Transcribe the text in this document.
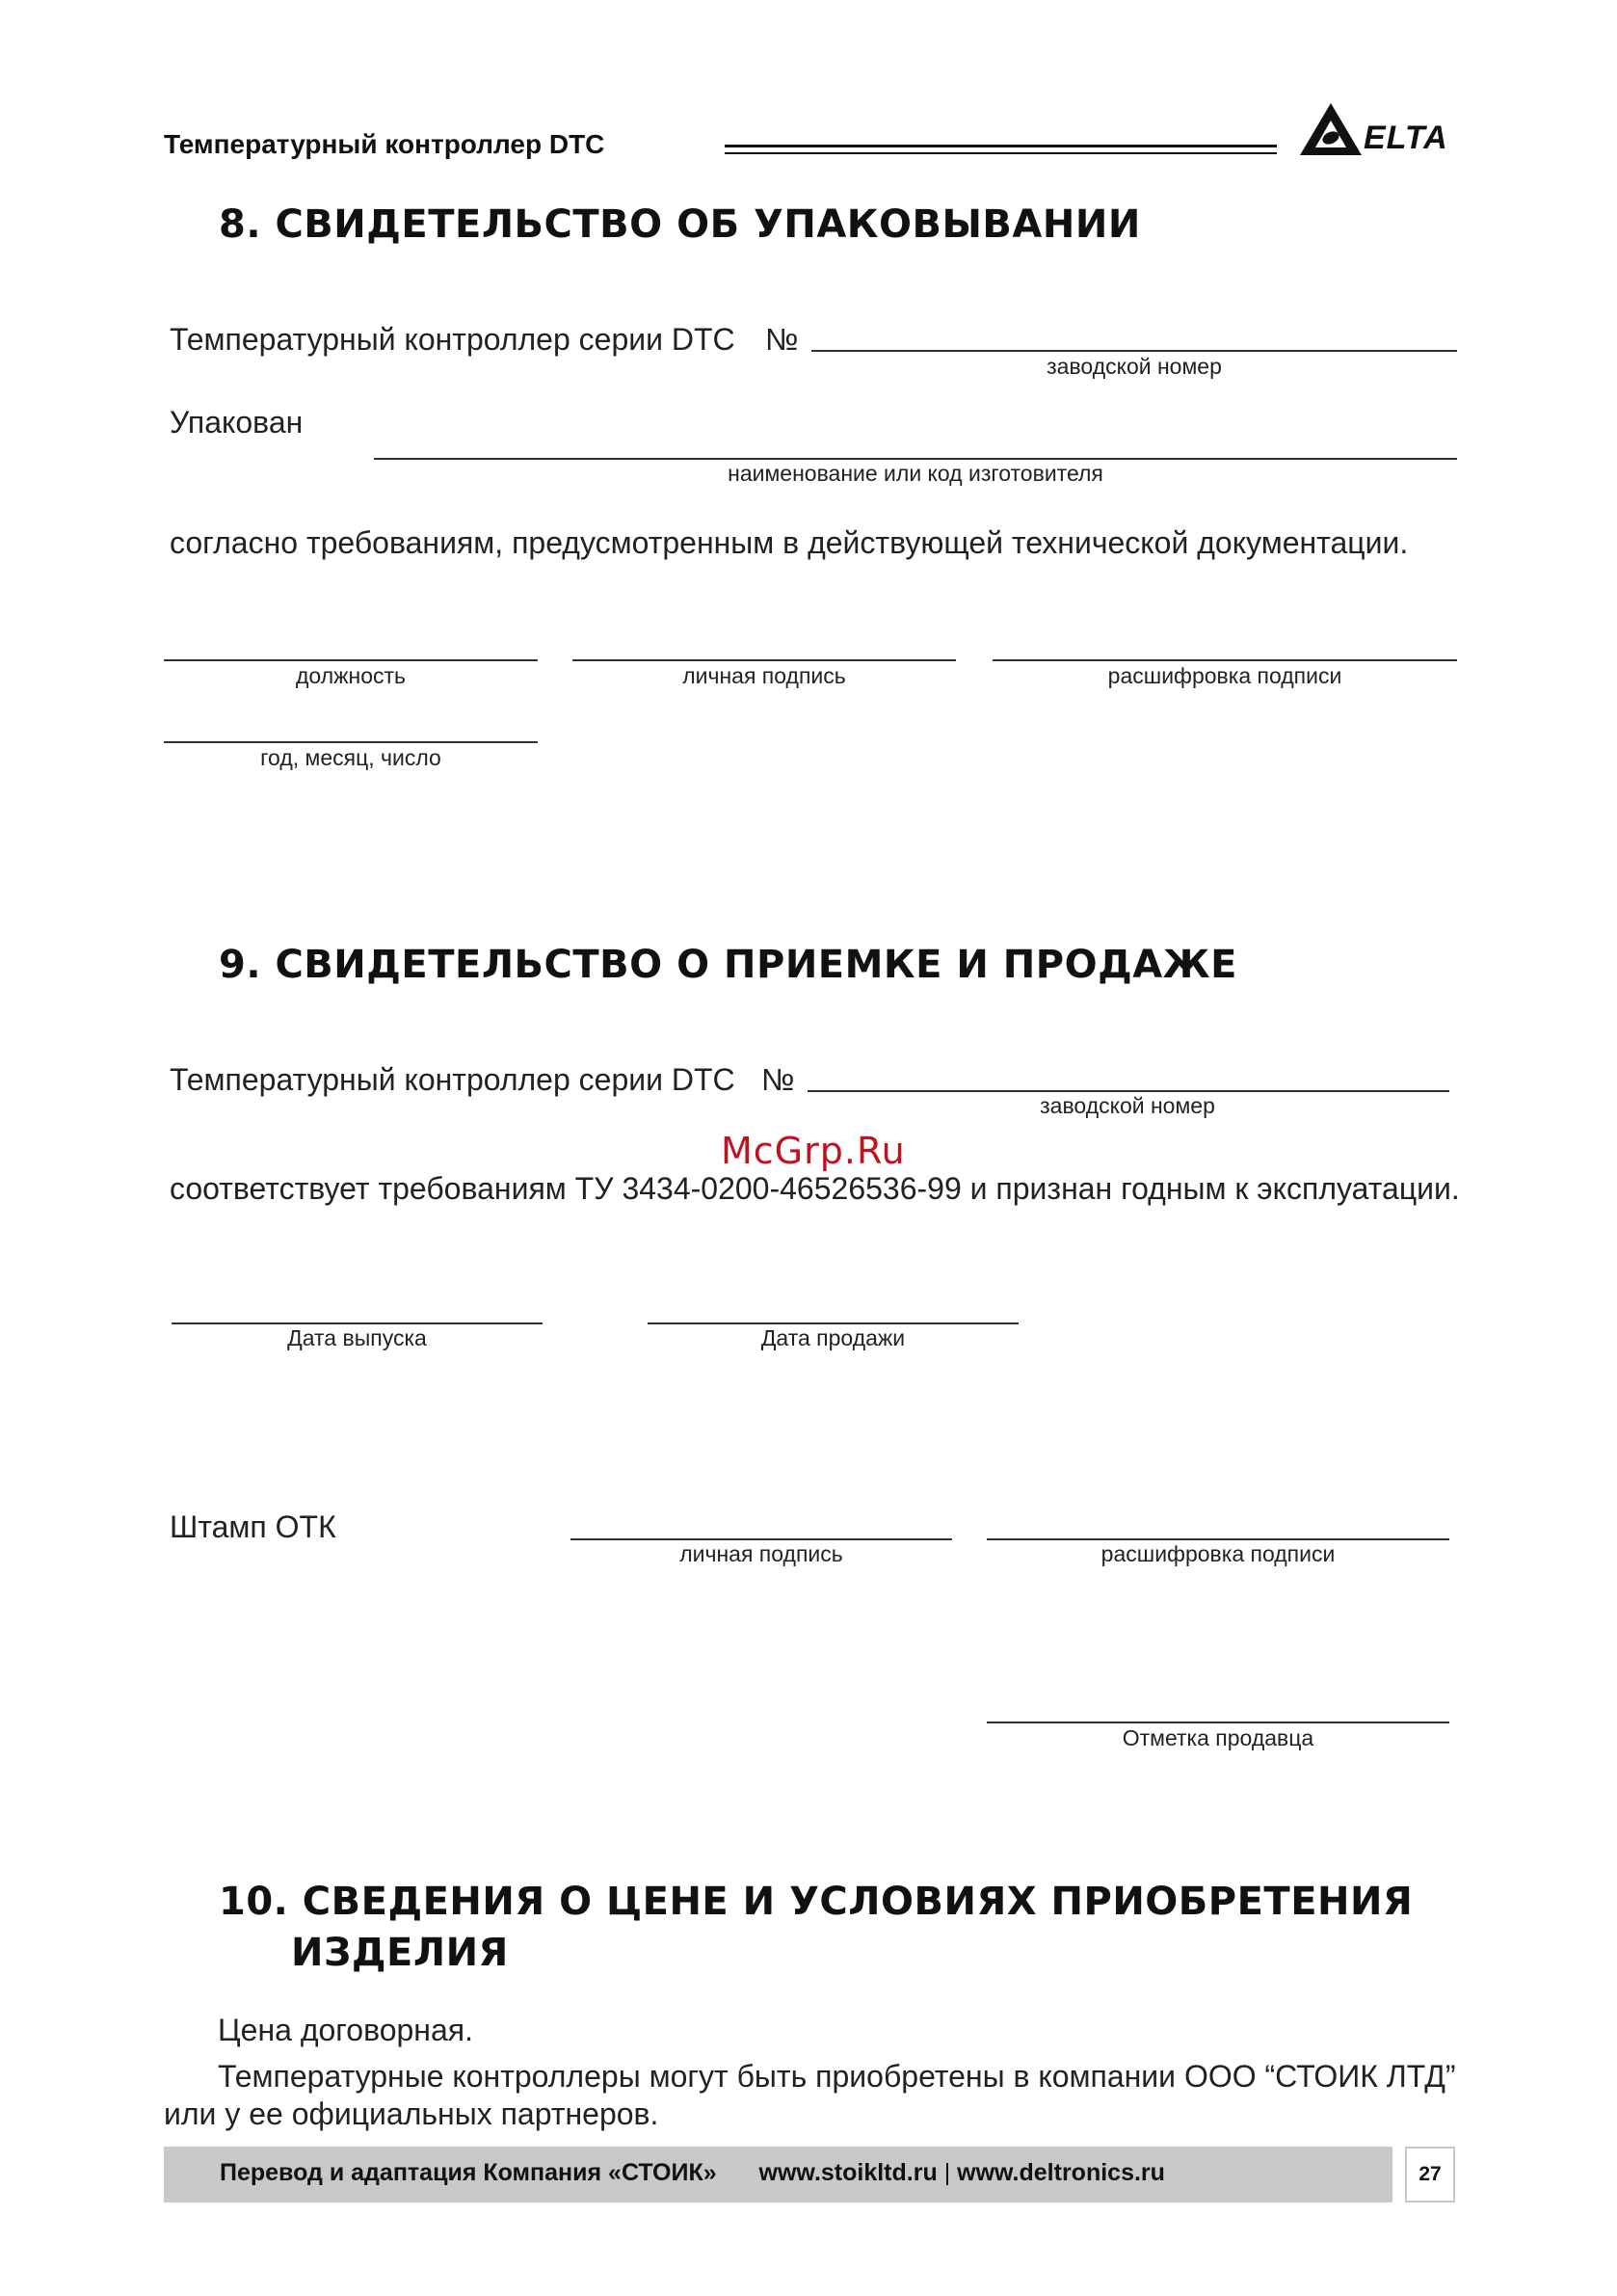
Температурный контроллер DTC	ELTA
8. СВИДЕТЕЛЬСТВО ОБ УПАКОВЫВАНИИ
Температурный контроллер серии DTC №
заводской номер
Упакован
наименование или код изготовителя
согласно требованиям, предусмотренным в действующей технической документации.
должность	личная подпись	расшифровка подписи
год, месяц, число
9. СВИДЕТЕЛЬСТВО О ПРИЕМКЕ И ПРОДАЖЕ
Температурный контроллер серии DTC №
заводской номер
McGrp.Ru
соответствует требованиям ТУ 3434-0200-46526536-99 и признан годным к эксплуатации.
Дата выпуска	Дата продажи
Штамп ОТК
личная подпись	расшифровка подписи
Отметка продавца
10. СВЕДЕНИЯ О ЦЕНЕ И УСЛОВИЯХ ПРИОБРЕТЕНИЯ
ИЗДЕЛИЯ
Цена договорная.
Температурные контроллеры могут быть приобретены в компании ООО “СТОИК ЛТД”
или у ее официальных партнеров.
Перевод и адаптация Компания «СТОИК» www.stoikltd.ru | www.deltronics.ru	27
